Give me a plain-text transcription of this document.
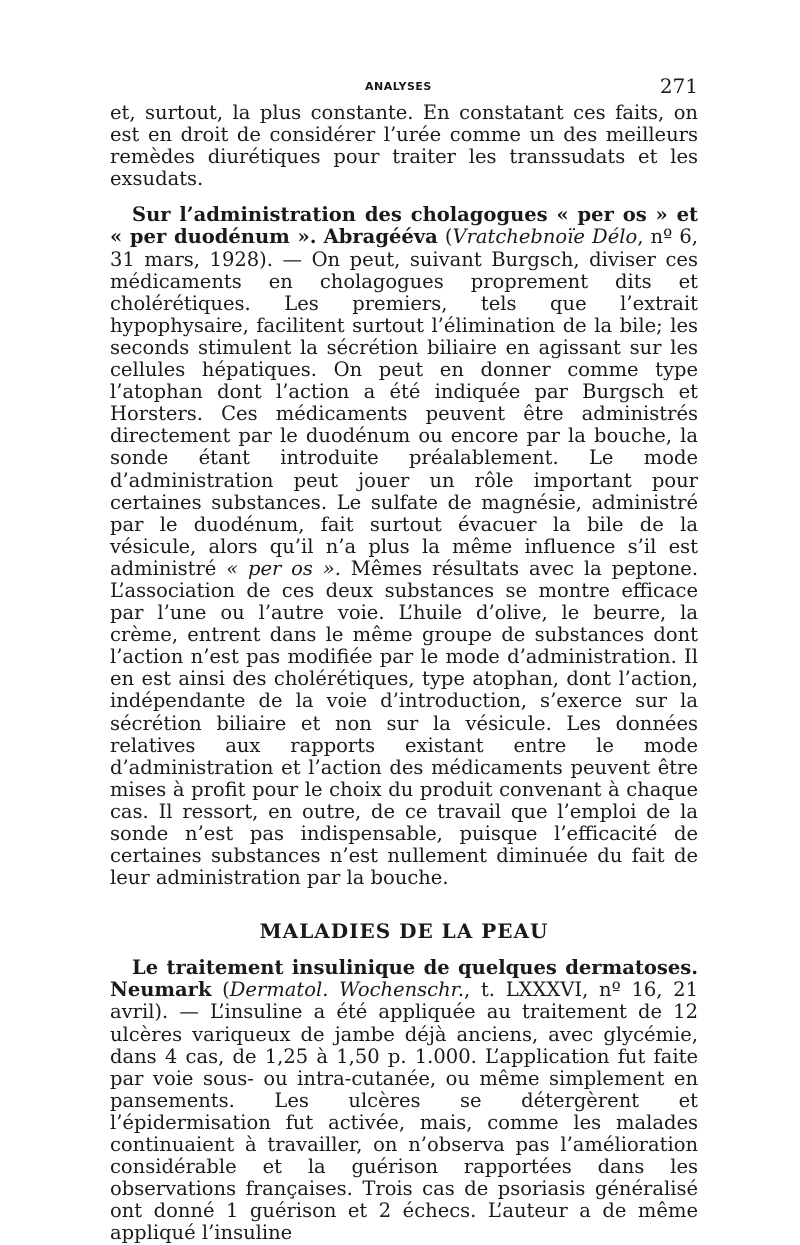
ANALYSES	271

et, surtout, la plus constante. En constatant ces faits, on est en droit de considérer l’urée comme un des meilleurs remèdes diurétiques pour traiter les transsudats et les exsudats.

Sur l’administration des cholagogues « per os » et « per duodénum ». Abragééva (Vratchebnoïe Délo, nº 6, 31 mars, 1928). — On peut, suivant Burgsch, diviser ces médicaments en cholagogues proprement dits et cholérétiques. Les premiers, tels que l’extrait hypophysaire, facilitent surtout l’élimination de la bile; les seconds stimulent la sécrétion biliaire en agissant sur les cellules hépatiques. On peut en donner comme type l’atophan dont l’action a été indiquée par Burgsch et Horsters. Ces médicaments peuvent être administrés directement par le duodénum ou encore par la bouche, la sonde étant introduite préalablement. Le mode d’administration peut jouer un rôle important pour certaines substances. Le sulfate de magnésie, administré par le duodénum, fait surtout évacuer la bile de la vésicule, alors qu’il n’a plus la même influence s’il est administré « per os ». Mêmes résultats avec la peptone. L’association de ces deux substances se montre efficace par l’une ou l’autre voie. L’huile d’olive, le beurre, la crème, entrent dans le même groupe de substances dont l’action n’est pas modifiée par le mode d’administration. Il en est ainsi des cholérétiques, type atophan, dont l’action, indépendante de la voie d’introduction, s’exerce sur la sécrétion biliaire et non sur la vésicule. Les données relatives aux rapports existant entre le mode d’administration et l’action des médicaments peuvent être mises à profit pour le choix du produit convenant à chaque cas. Il ressort, en outre, de ce travail que l’emploi de la sonde n’est pas indispensable, puisque l’efficacité de certaines substances n’est nullement diminuée du fait de leur administration par la bouche.

MALADIES DE LA PEAU

Le traitement insulinique de quelques dermatoses. Neumark (Dermatol. Wochenschr., t. LXXXVI, nº 16, 21 avril). — L’insuline a été appliquée au traitement de 12 ulcères variqueux de jambe déjà anciens, avec glycémie, dans 4 cas, de 1,25 à 1,50 p. 1.000. L’application fut faite par voie sous- ou intra-cutanée, ou même simplement en pansements. Les ulcères se détergèrent et l’épidermisation fut activée, mais, comme les malades continuaient à travailler, on n’observa pas l’amélioration considérable et la guérison rapportées dans les observations françaises. Trois cas de psoriasis généralisé ont donné 1 guérison et 2 échecs. L’auteur a de même appliqué l’insuline
